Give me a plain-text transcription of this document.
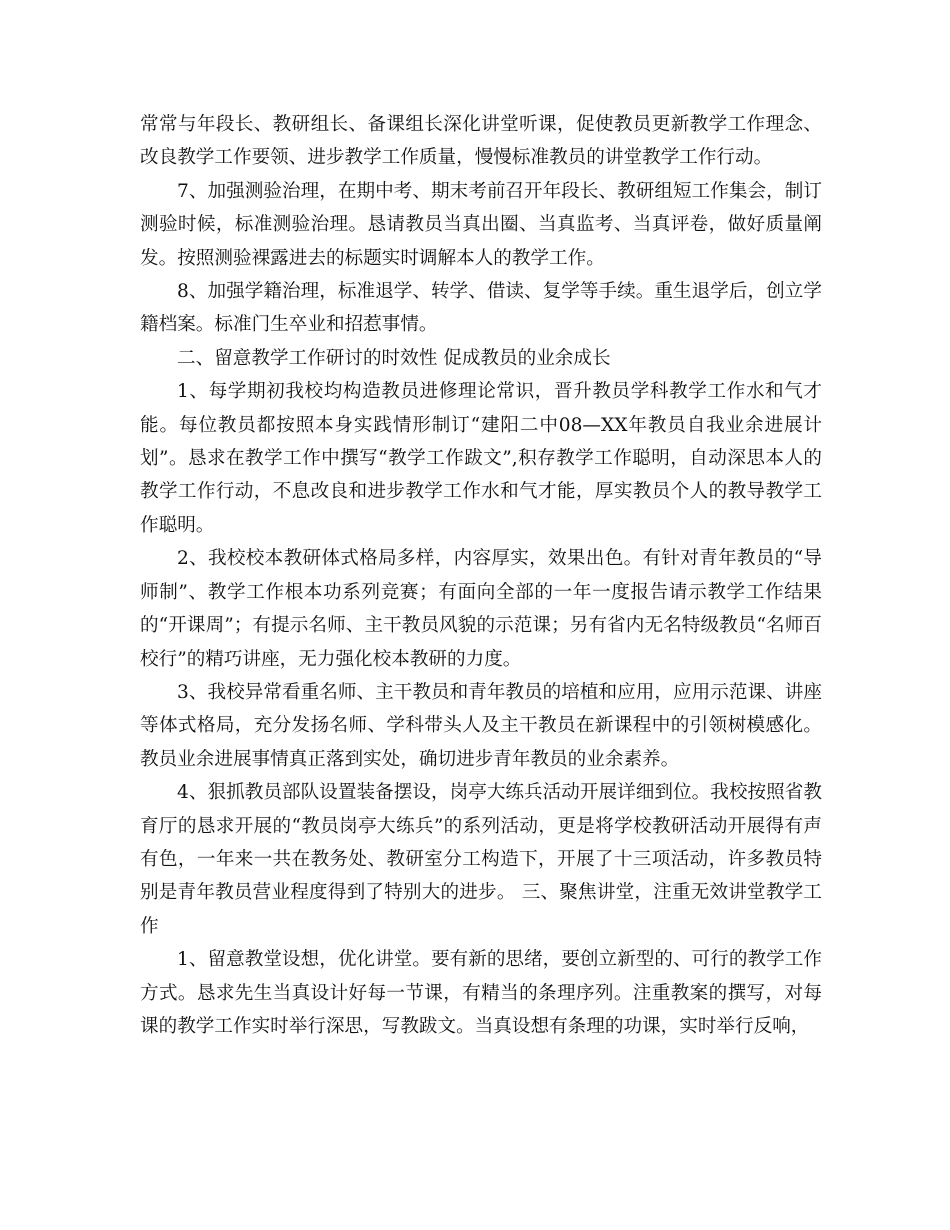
常常与年段长、教研组长、备课组长深化讲堂听课，促使教员更新教学工作理念、改良教学工作要领、进步教学工作质量，慢慢标准教员的讲堂教学工作行动。

7、加强测验治理，在期中考、期末考前召开年段长、教研组短工作集会，制订测验时候，标准测验治理。恳请教员当真出圈、当真监考、当真评卷，做好质量阐发。按照测验裸露进去的标题实时调解本人的教学工作。

8、加强学籍治理，标准退学、转学、借读、复学等手续。重生退学后，创立学籍档案。标准门生卒业和招惹事情。

二、留意教学工作研讨的时效性 促成教员的业余成长

1、每学期初我校均构造教员进修理论常识，晋升教员学科教学工作水和气才能。每位教员都按照本身实践情形制订“建阳二中08—XX年教员自我业余进展计划”。恳求在教学工作中撰写“教学工作跋文”,积存教学工作聪明，自动深思本人的教学工作行动，不息改良和进步教学工作水和气才能，厚实教员个人的教导教学工作聪明。

2、我校校本教研体式格局多样，内容厚实，效果出色。有针对青年教员的“导师制”、教学工作根本功系列竞赛；有面向全部的一年一度报告请示教学工作结果的“开课周”；有提示名师、主干教员风貌的示范课；另有省内无名特级教员“名师百校行”的精巧讲座，无力强化校本教研的力度。

3、我校异常看重名师、主干教员和青年教员的培植和应用，应用示范课、讲座等体式格局，充分发扬名师、学科带头人及主干教员在新课程中的引领树模感化。教员业余进展事情真正落到实处，确切进步青年教员的业余素养。

4、狠抓教员部队设置装备摆设，岗亭大练兵活动开展详细到位。我校按照省教育厅的恳求开展的“教员岗亭大练兵”的系列活动，更是将学校教研活动开展得有声有色，一年来一共在教务处、教研室分工构造下，开展了十三项活动，许多教员特别是青年教员营业程度得到了特别大的进步。 三、聚焦讲堂，注重无效讲堂教学工作

1、留意教堂设想，优化讲堂。要有新的思绪，要创立新型的、可行的教学工作方式。恳求先生当真设计好每一节课，有精当的条理序列。注重教案的撰写，对每课的教学工作实时举行深思，写教跋文。当真设想有条理的功课，实时举行反响，
